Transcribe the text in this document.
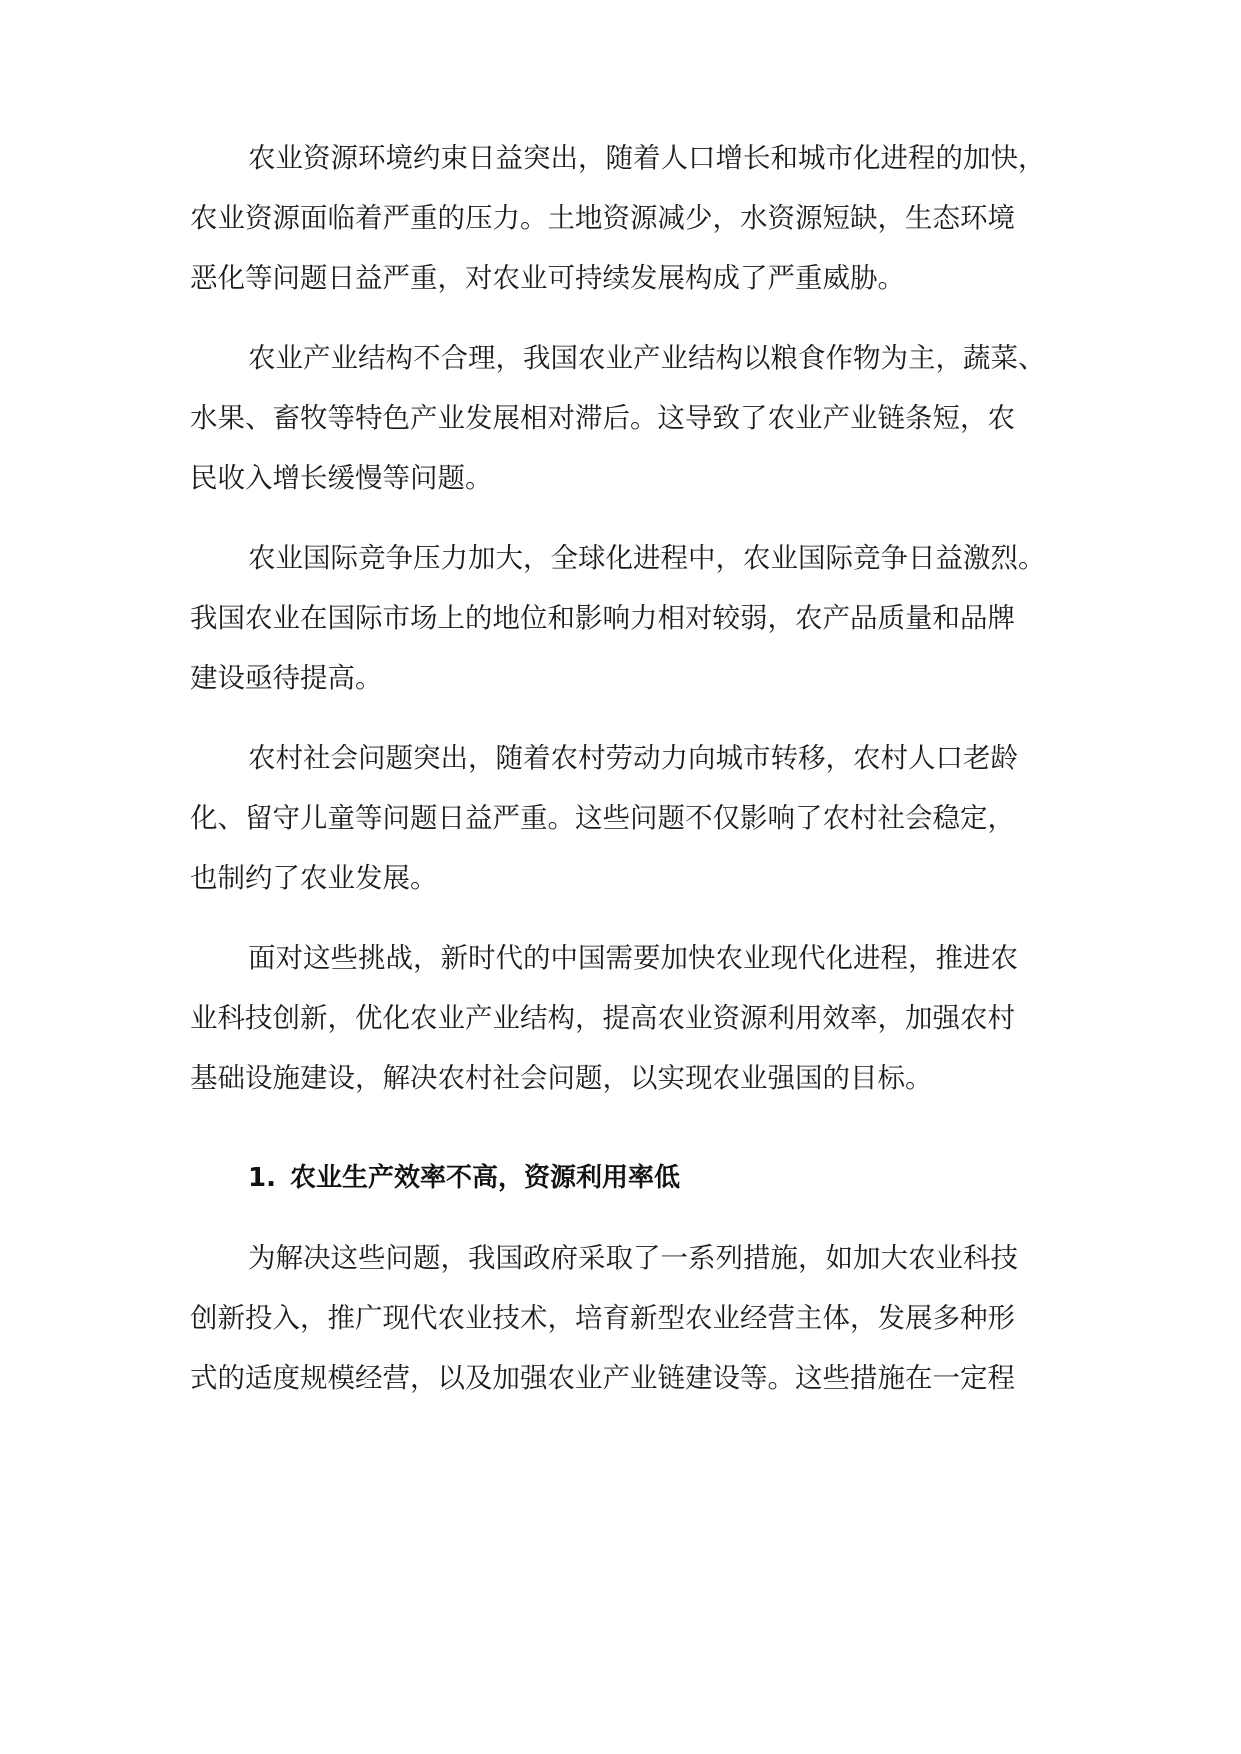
农业资源环境约束日益突出，随着人口增长和城市化进程的加快，
农业资源面临着严重的压力。土地资源减少，水资源短缺，生态环境
恶化等问题日益严重，对农业可持续发展构成了严重威胁。
农业产业结构不合理，我国农业产业结构以粮食作物为主，蔬菜、
水果、畜牧等特色产业发展相对滞后。这导致了农业产业链条短，农
民收入增长缓慢等问题。
农业国际竞争压力加大，全球化进程中，农业国际竞争日益激烈。
我国农业在国际市场上的地位和影响力相对较弱，农产品质量和品牌
建设亟待提高。
农村社会问题突出，随着农村劳动力向城市转移，农村人口老龄
化、留守儿童等问题日益严重。这些问题不仅影响了农村社会稳定，
也制约了农业发展。
面对这些挑战，新时代的中国需要加快农业现代化进程，推进农
业科技创新，优化农业产业结构，提高农业资源利用效率，加强农村
基础设施建设，解决农村社会问题，以实现农业强国的目标。
1. 农业生产效率不高，资源利用率低
为解决这些问题，我国政府采取了一系列措施，如加大农业科技
创新投入，推广现代农业技术，培育新型农业经营主体，发展多种形
式的适度规模经营，以及加强农业产业链建设等。这些措施在一定程
